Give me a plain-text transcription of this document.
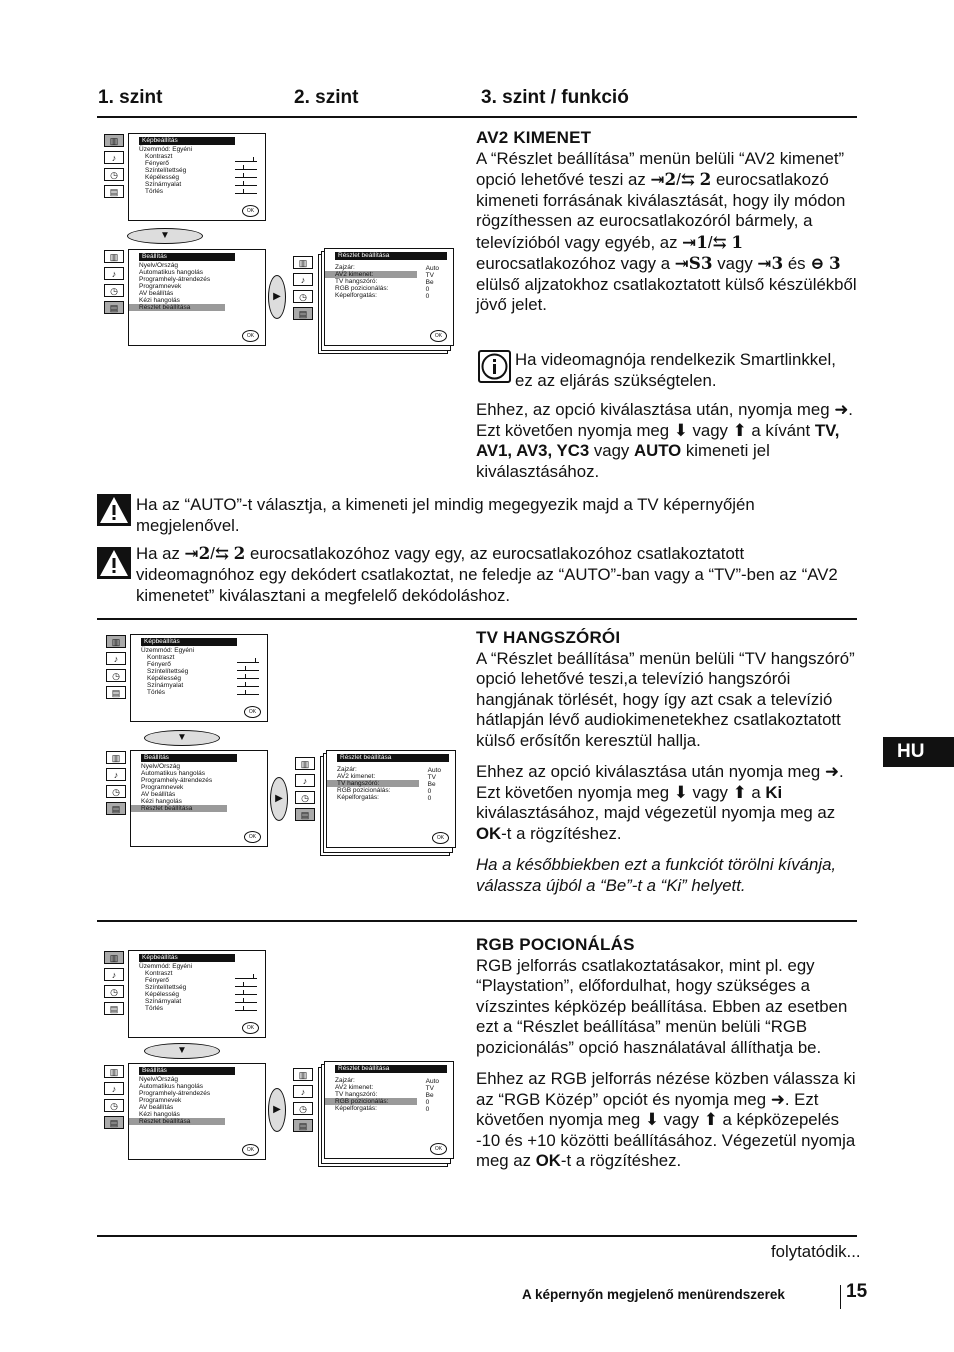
1. szint	2. szint	3. szint / funkció
▥
♪
◷
▤
Képbeállítás
Üzemmód: Egyéni
Kontraszt
Fényerő
Színtelítettség
Képélesség
Színárnyalat
Törlés
OK
▼
▥
♪
◷
▤
Beállítás
Nyelv/Ország
Automatikus hangolás
Programhely-átrendezés
Programnevek
AV beállítás
Kézi hangolás
Részlet beállítása
OK
▶
▥
♪
◷
▤
Részlet beállítása
Zajzár:
AV2 kimenet:
TV hangszóró:
RGB pozicionálás:
Képelforgatás:
Auto
TV
Be
0
0
OK
AV2 KIMENET

A “Részlet beállítása” menün belüli “AV2 kimenet” opció lehetővé teszi az ⇥2/⇆ 2 eurocsatlakozó kimeneti forrásának kiválasztását, hogy ily módon rögzíthessen az eurocsatlakozóról bármely, a televízióból vagy egyéb, az ⇥1/⇆ 1 eurocsatlakozóhoz vagy a ⇥S3 vagy ⇥3 és ⊖ 3 elülső aljzatokhoz csatlakoztatott külső készülékből jövő jelet.

Ha videomagnója rendelkezik Smartlinkkel, ez az eljárás szükségtelen.

Ehhez, az opció kiválasztása után, nyomja meg ➜. Ezt követően nyomja meg ⬇ vagy ⬆ a kívánt TV, AV1, AV3, YC3 vagy AUTO kimeneti jel kiválasztásához.

Ha az “AUTO”-t választja, a kimeneti jel mindig megegyezik majd a TV képernyőjén megjelenővel.
Ha az ⇥2/⇆ 2 eurocsatlakozóhoz vagy egy, az eurocsatlakozóhoz csatlakoztatott videomagnóhoz egy dekódert csatlakoztat, ne feledje az “AUTO”-ban vagy a “TV”-ben az “AV2 kimenetet” kiválasztani a megfelelő dekódoláshoz.
▥
♪
◷
▤
Képbeállítás
Üzemmód: Egyéni
Kontraszt
Fényerő
Színtelítettség
Képélesség
Színárnyalat
Törlés
OK
▼
▥
♪
◷
▤
Beállítás
Nyelv/Ország
Automatikus hangolás
Programhely-átrendezés
Programnevek
AV beállítás
Kézi hangolás
Részlet beállítása
OK
▶
▥
♪
◷
▤
Részlet beállítása
Zajzár:
AV2 kimenet:
TV hangszóró:
RGB pozicionálás:
Képelforgatás:
Auto
TV
Be
0
0
OK
TV HANGSZÓRÓI

A “Részlet beállítása” menün belüli “TV hangszóró” opció lehetővé teszi,a televízió hangszórói hangjának törlését, hogy így azt csak a televízió hátlapján lévő audiokimenetekhez csatlakoztatott külső erősítőn keresztül hallja.

Ehhez az opció kiválasztása után nyomja meg ➜. Ezt követően nyomja meg ⬇ vagy ⬆ a Ki kiválasztásához, majd végezetül nyomja meg az OK-t a rögzítéshez.

Ha a későbbiekben ezt a funkciót törölni kívánja, válassza újból a “Be”-t a “Ki” helyett.

HU
▥
♪
◷
▤
Képbeállítás
Üzemmód: Egyéni
Kontraszt
Fényerő
Színtelítettség
Képélesség
Színárnyalat
Törlés
OK
▼
▥
♪
◷
▤
Beállítás
Nyelv/Ország
Automatikus hangolás
Programhely-átrendezés
Programnevek
AV beállítás
Kézi hangolás
Részlet beállítása
OK
▶
▥
♪
◷
▤
Részlet beállítása
Zajzár:
AV2 kimenet:
TV hangszóró:
RGB pozicionálás:
Képelforgatás:
Auto
TV
Be
0
0
OK
RGB POCIONÁLÁS

RGB jelforrás csatlakoztatásakor, mint pl. egy “Playstation”, előfordulhat, hogy szükséges a vízszintes képközép beállítása. Ebben az esetben ezt a “Részlet beállítása” menün belüli “RGB pozicionálás” opció használatával állíthatja be.

Ehhez az RGB jelforrás nézése közben válassza ki az “RGB Közép” opciót és nyomja meg ➜. Ezt követően nyomja meg ⬇ vagy ⬆ a képközepelés -10 és +10 közötti beállításához. Végezetül nyomja meg az OK-t a rögzítéshez.

folytatódik...
A képernyőn megjelenő menürendszerek	15
